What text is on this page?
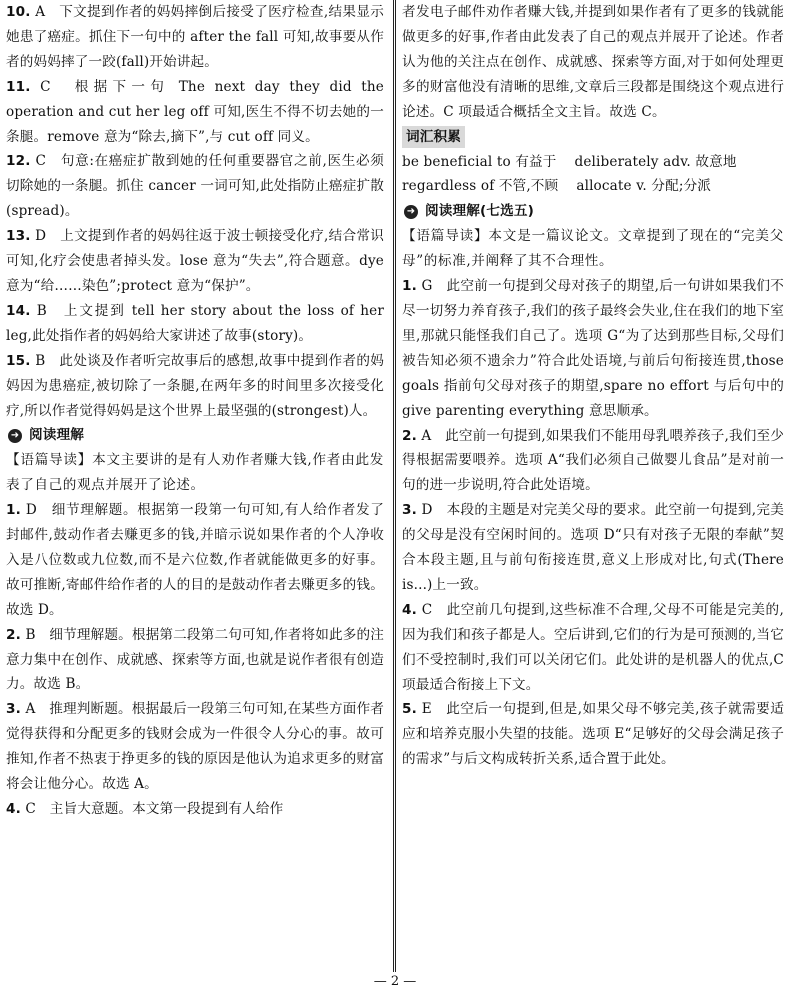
10. A　下文提到作者的妈妈摔倒后接受了医疗检查,结果显示她患了癌症。抓住下一句中的 after the fall 可知,故事要从作者的妈妈摔了一跤(fall)开始讲起。

11. C　根据下一句 The next day they did the operation and cut her leg off 可知,医生不得不切去她的一条腿。remove 意为“除去,摘下”,与 cut off 同义。

12. C　句意:在癌症扩散到她的任何重要器官之前,医生必须切除她的一条腿。抓住 cancer 一词可知,此处指防止癌症扩散(spread)。

13. D　上文提到作者的妈妈往返于波士顿接受化疗,结合常识可知,化疗会使患者掉头发。lose 意为“失去”,符合题意。dye 意为“给……染色”;protect 意为“保护”。

14. B　上文提到 tell her story about the loss of her leg,此处指作者的妈妈给大家讲述了故事(story)。

15. B　此处谈及作者听完故事后的感想,故事中提到作者的妈妈因为患癌症,被切除了一条腿,在两年多的时间里多次接受化疗,所以作者觉得妈妈是这个世界上最坚强的(strongest)人。

➜ 阅读理解

【语篇导读】本文主要讲的是有人劝作者赚大钱,作者由此发表了自己的观点并展开了论述。

1. D　细节理解题。根据第一段第一句可知,有人给作者发了封邮件,鼓动作者去赚更多的钱,并暗示说如果作者的个人净收入是八位数或九位数,而不是六位数,作者就能做更多的好事。故可推断,寄邮件给作者的人的目的是鼓动作者去赚更多的钱。故选 D。

2. B　细节理解题。根据第二段第二句可知,作者将如此多的注意力集中在创作、成就感、探索等方面,也就是说作者很有创造力。故选 B。

3. A　推理判断题。根据最后一段第三句可知,在某些方面作者觉得获得和分配更多的钱财会成为一件很令人分心的事。故可推知,作者不热衷于挣更多的钱的原因是他认为追求更多的财富将会让他分心。故选 A。

4. C　主旨大意题。本文第一段提到有人给作

者发电子邮件劝作者赚大钱,并提到如果作者有了更多的钱就能做更多的好事,作者由此发表了自己的观点并展开了论述。作者认为他的关注点在创作、成就感、探索等方面,对于如何处理更多的财富他没有清晰的思维,文章后三段都是围绕这个观点进行论述。C 项最适合概括全文主旨。故选 C。

词汇积累
be beneficial to 有益于 deliberately adv. 故意地
regardless of 不管,不顾 allocate v. 分配;分派
➜ 阅读理解(七选五)

【语篇导读】本文是一篇议论文。文章提到了现在的“完美父母”的标准,并阐释了其不合理性。

1. G　此空前一句提到父母对孩子的期望,后一句讲如果我们不尽一切努力养育孩子,我们的孩子最终会失业,住在我们的地下室里,那就只能怪我们自己了。选项 G“为了达到那些目标,父母们被告知必须不遗余力”符合此处语境,与前后句衔接连贯,those goals 指前句父母对孩子的期望,spare no effort 与后句中的 give parenting everything 意思顺承。

2. A　此空前一句提到,如果我们不能用母乳喂养孩子,我们至少得根据需要喂养。选项 A“我们必须自己做婴儿食品”是对前一句的进一步说明,符合此处语境。

3. D　本段的主题是对完美父母的要求。此空前一句提到,完美的父母是没有空闲时间的。选项 D“只有对孩子无限的奉献”契合本段主题,且与前句衔接连贯,意义上形成对比,句式(There is...)上一致。

4. C　此空前几句提到,这些标准不合理,父母不可能是完美的,因为我们和孩子都是人。空后讲到,它们的行为是可预测的,当它们不受控制时,我们可以关闭它们。此处讲的是机器人的优点,C 项最适合衔接上下文。

5. E　此空后一句提到,但是,如果父母不够完美,孩子就需要适应和培养克服小失望的技能。选项 E“足够好的父母会满足孩子的需求”与后文构成转折关系,适合置于此处。

— 2 —
